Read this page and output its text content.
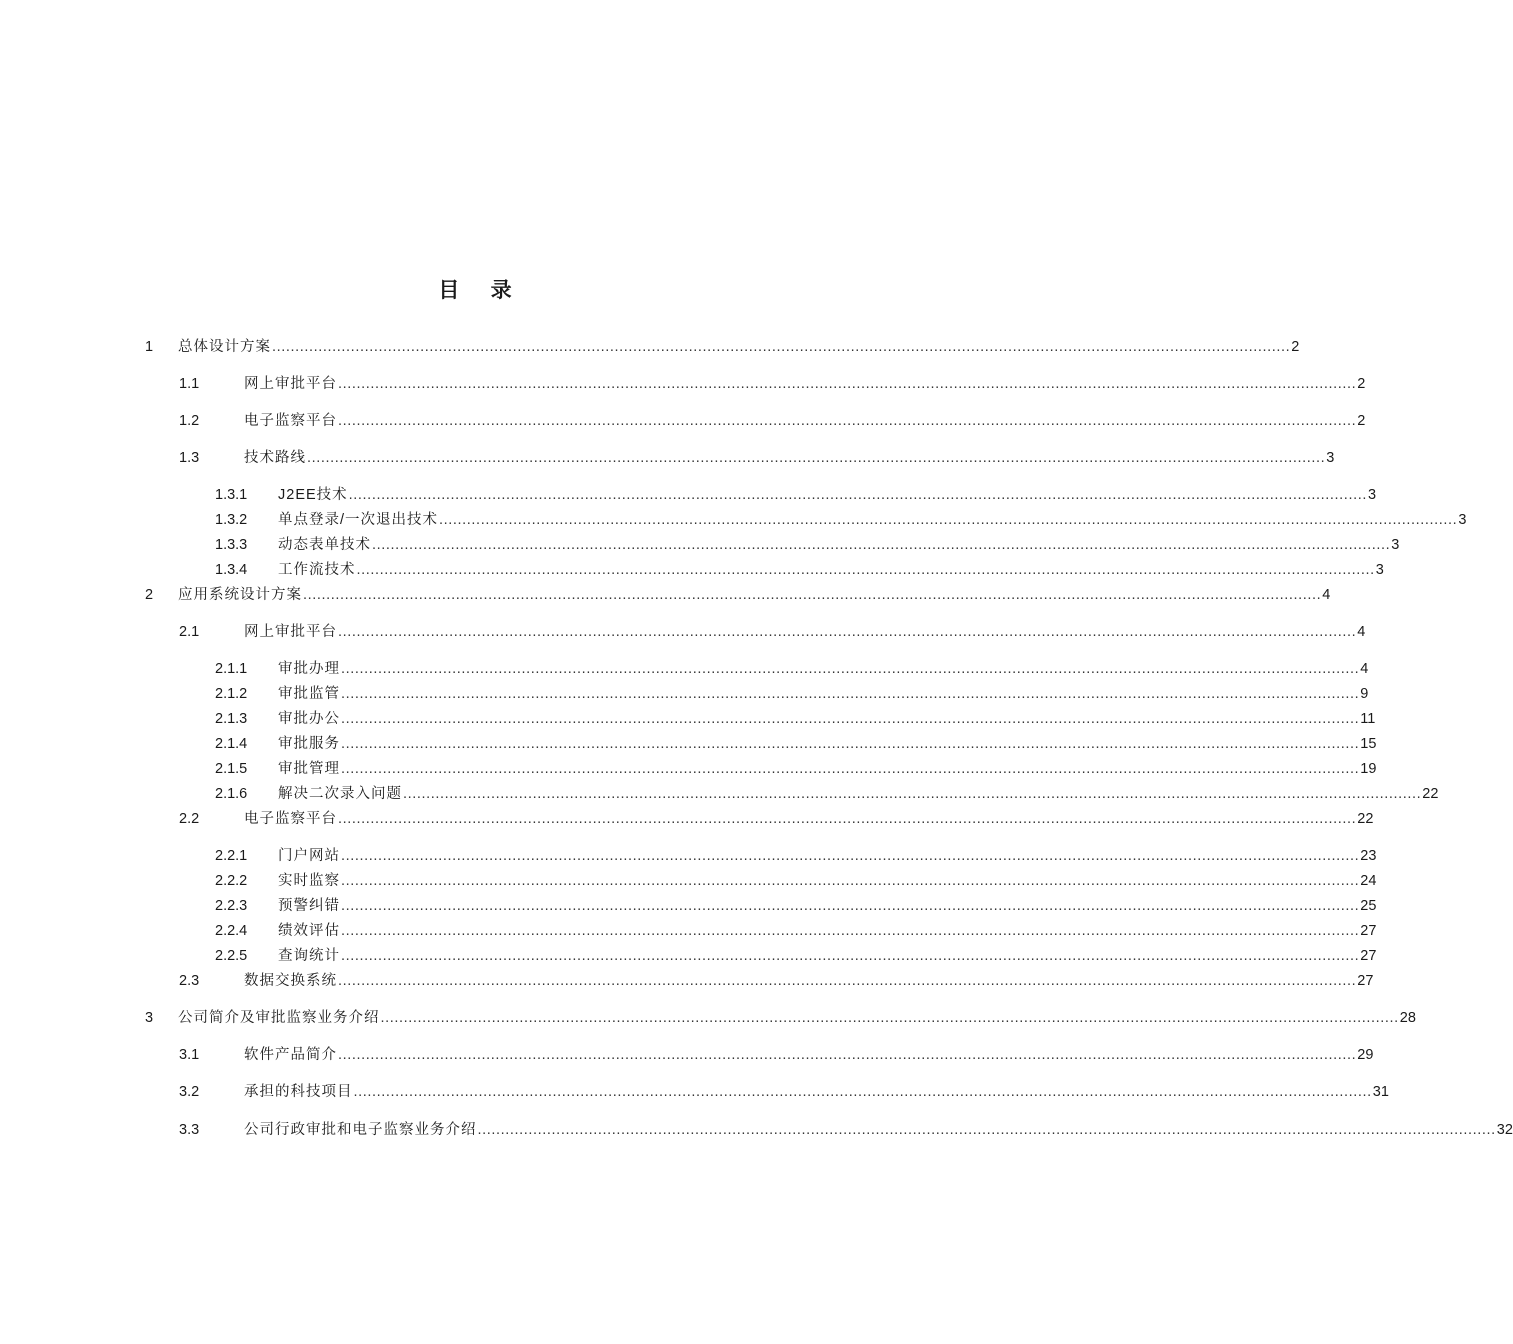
目 录
1 总体设计方案 ............................................................................................................................................................................................................................ 2
1.1	网上审批平台 ............................................................................................................................................................................................................................ 2
1.2	电子监察平台 ............................................................................................................................................................................................................................ 2
1.3	技术路线 ............................................................................................................................................................................................................................ 3
1.3.1 J2EE技术 ............................................................................................................................................................................................................................ 3
1.3.2 单点登录/一次退出技术 ............................................................................................................................................................................................................................ 3
1.3.3 动态表单技术 ............................................................................................................................................................................................................................ 3
1.3.4 工作流技术 ............................................................................................................................................................................................................................ 3
2 应用系统设计方案 ............................................................................................................................................................................................................................ 4
2.1	网上审批平台 ............................................................................................................................................................................................................................ 4
2.1.1 审批办理 ............................................................................................................................................................................................................................ 4
2.1.2 审批监管 ............................................................................................................................................................................................................................ 9
2.1.3 审批办公 ............................................................................................................................................................................................................................ 11
2.1.4 审批服务 ............................................................................................................................................................................................................................ 15
2.1.5 审批管理 ............................................................................................................................................................................................................................ 19
2.1.6 解决二次录入问题 ............................................................................................................................................................................................................................ 22
2.2	电子监察平台 ............................................................................................................................................................................................................................ 22
2.2.1 门户网站 ............................................................................................................................................................................................................................ 23
2.2.2 实时监察 ............................................................................................................................................................................................................................ 24
2.2.3 预警纠错 ............................................................................................................................................................................................................................ 25
2.2.4 绩效评估 ............................................................................................................................................................................................................................ 27
2.2.5 查询统计 ............................................................................................................................................................................................................................ 27
2.3	数据交换系统 ............................................................................................................................................................................................................................ 27
3 公司简介及审批监察业务介绍 ............................................................................................................................................................................................................................ 28
3.1	软件产品简介 ............................................................................................................................................................................................................................ 29
3.2	承担的科技项目 ............................................................................................................................................................................................................................ 31
3.3	公司行政审批和电子监察业务介绍 ............................................................................................................................................................................................................................ 32
